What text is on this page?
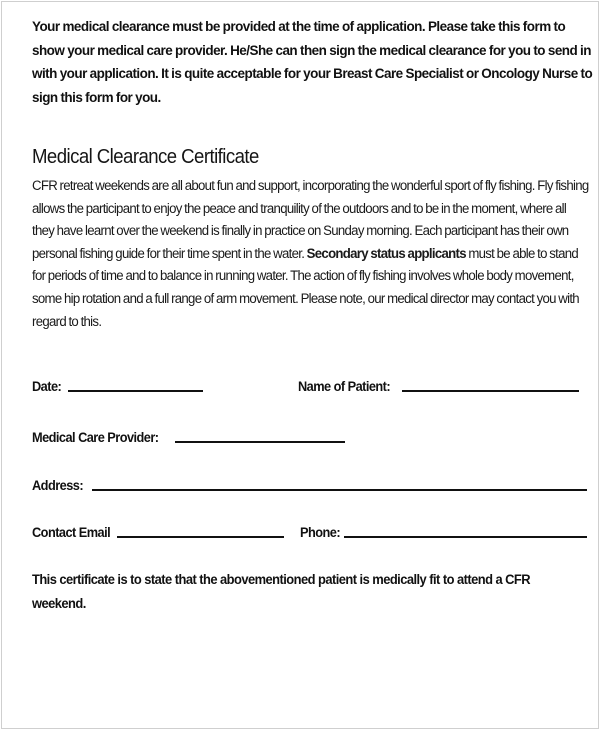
Your medical clearance must be provided at the time of application. Please take this form to show your medical care provider. He/She can then sign the medical clearance for you to send in with your application. It is quite acceptable for your Breast Care Specialist or Oncology Nurse to sign this form for you.

Medical Clearance Certificate

CFR retreat weekends are all about fun and support, incorporating the wonderful sport of fly fishing. Fly fishing allows the participant to enjoy the peace and tranquility of the outdoors and to be in the moment, where all they have learnt over the weekend is finally in practice on Sunday morning. Each participant has their own personal fishing guide for their time spent in the water. Secondary status applicants must be able to stand for periods of time and to balance in running water. The action of fly fishing involves whole body movement, some hip rotation and a full range of arm movement. Please note, our medical director may contact you with regard to this.

Date:	Name of Patient:
Medical Care Provider:
Address:
Contact Email	Phone:

This certificate is to state that the abovementioned patient is medically fit to attend a CFR weekend.
